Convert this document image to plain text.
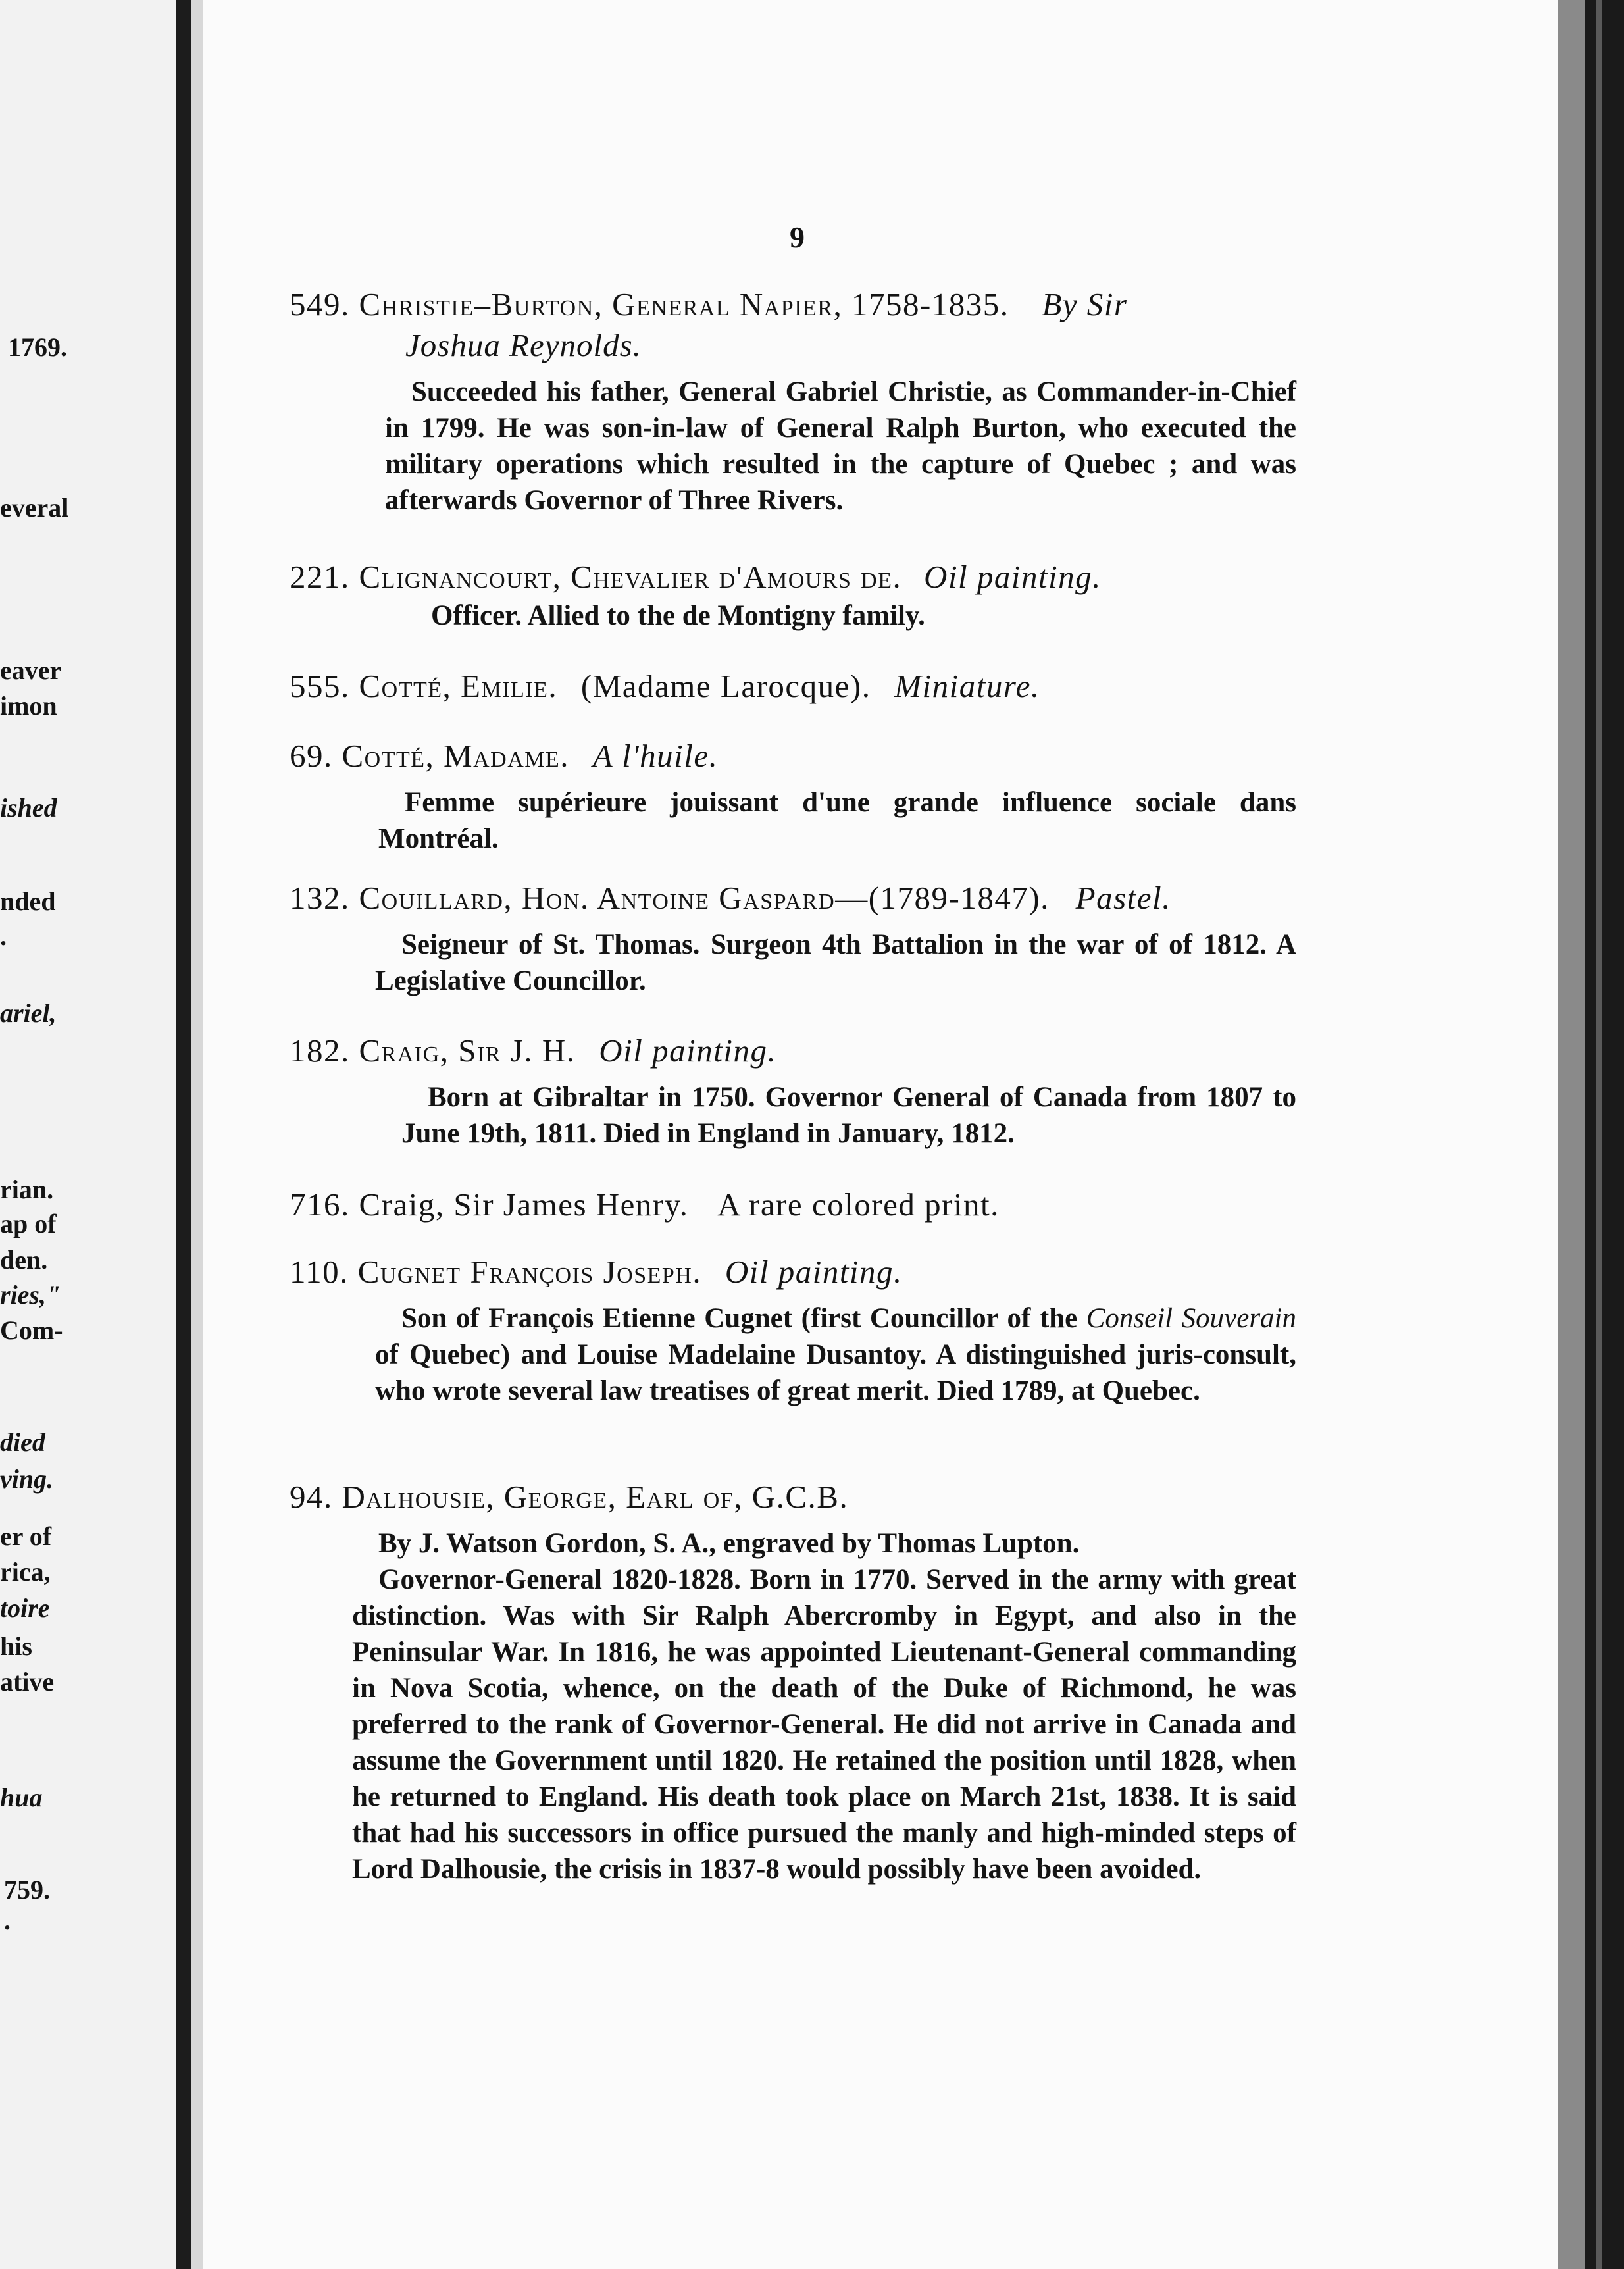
1769.
everal
eaver
imon
ished
nded
.
ariel,
rian.
ap of
den.
ries,"
Com-
died
ving.
er of
rica,
toire
his
ative
hua
759.
.
9
549. Christie–Burton, General Napier, 1758-1835. By Sir
Joshua Reynolds.

Succeeded his father, General Gabriel Christie, as Commander-in-Chief in 1799. He was son-in-law of General Ralph Burton, who executed the military operations which resulted in the capture of Quebec ; and was afterwards Governor of Three Rivers.

221. Clignancourt, Chevalier d'Amours de. Oil painting.

Officer. Allied to the de Montigny family.

555. Cotté, Emilie. (Madame Larocque). Miniature.
69. Cotté, Madame. A l'huile.

Femme supérieure jouissant d'une grande influence sociale dans Montréal.

132. Couillard, Hon. Antoine Gaspard—(1789-1847). Pastel.

Seigneur of St. Thomas. Surgeon 4th Battalion in the war of of 1812. A Legislative Councillor.

182. Craig, Sir J. H. Oil painting.

Born at Gibraltar in 1750. Governor General of Canada from 1807 to June 19th, 1811. Died in England in January, 1812.

716. Craig, Sir James Henry. A rare colored print.
110. Cugnet François Joseph. Oil painting.

Son of François Etienne Cugnet (first Councillor of the Conseil Souverain of Quebec) and Louise Madelaine Dusantoy. A distinguished juris-consult, who wrote several law treatises of great merit. Died 1789, at Quebec.

94. Dalhousie, George, Earl of, G.C.B.

By J. Watson Gordon, S. A., engraved by Thomas Lupton.

Governor-General 1820-1828. Born in 1770. Served in the army with great distinction. Was with Sir Ralph Abercromby in Egypt, and also in the Peninsular War. In 1816, he was appointed Lieutenant-General commanding in Nova Scotia, whence, on the death of the Duke of Richmond, he was preferred to the rank of Governor-General. He did not arrive in Canada and assume the Government until 1820. He retained the position until 1828, when he returned to England. His death took place on March 21st, 1838. It is said that had his successors in office pursued the manly and high-minded steps of Lord Dalhousie, the crisis in 1837-8 would possibly have been avoided.
